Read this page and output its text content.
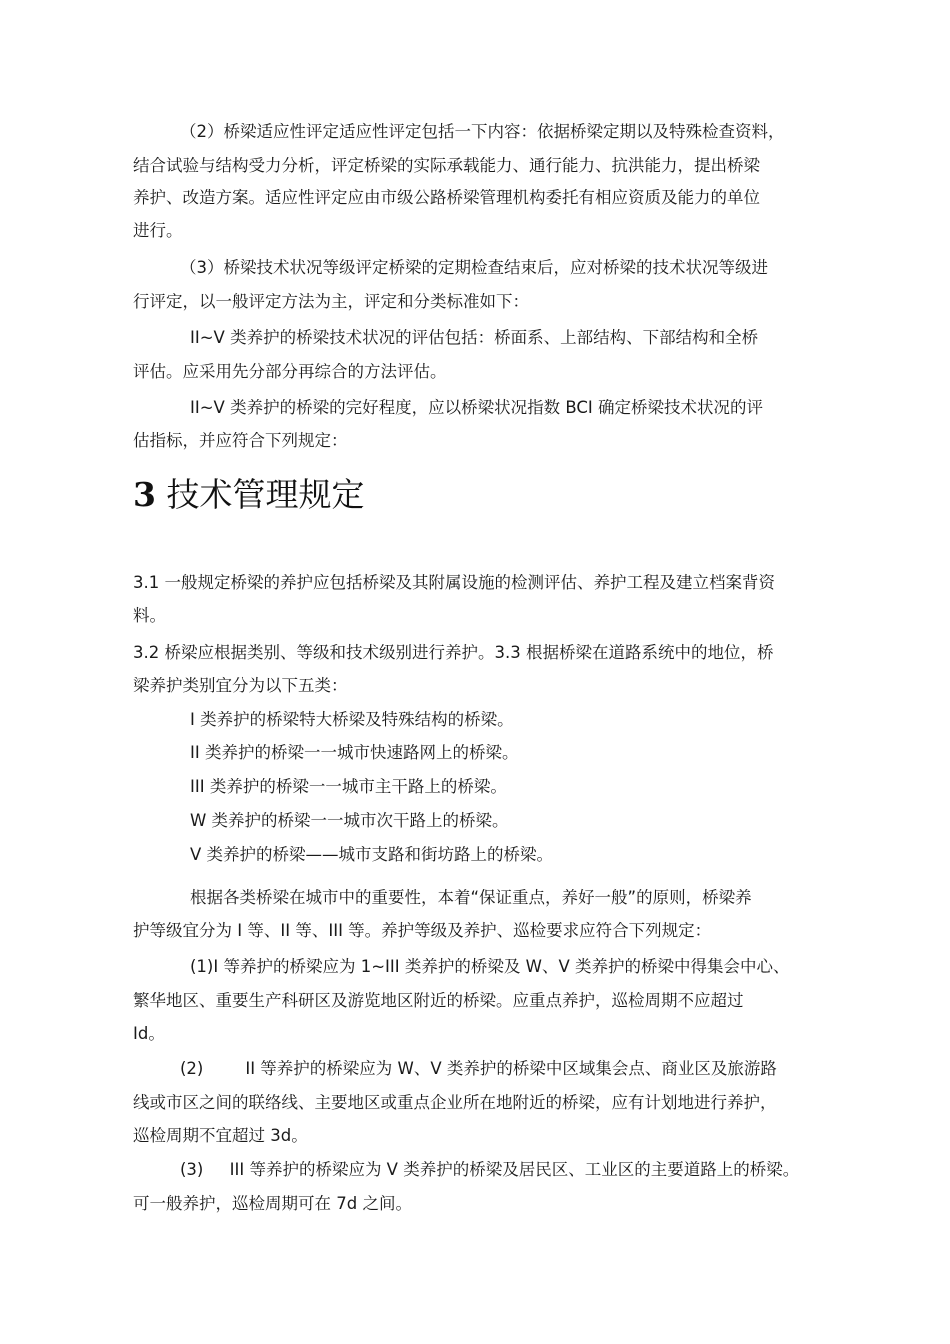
（2）桥梁适应性评定适应性评定包括一下内容：依据桥梁定期以及特殊检查资料，
结合试验与结构受力分析，评定桥梁的实际承载能力、通行能力、抗洪能力，提出桥梁
养护、改造方案。适应性评定应由市级公路桥梁管理机构委托有相应资质及能力的单位
进行。
（3）桥梁技术状况等级评定桥梁的定期检查结束后，应对桥梁的技术状况等级进
行评定，以一般评定方法为主，评定和分类标准如下：
II~V 类养护的桥梁技术状况的评估包括：桥面系、上部结构、下部结构和全桥
评估。应采用先分部分再综合的方法评估。
II~V 类养护的桥梁的完好程度，应以桥梁状况指数 BCI 确定桥梁技术状况的评
估指标，并应符合下列规定：
3 技术管理规定
3.1 一般规定桥梁的养护应包括桥梁及其附属设施的检测评估、养护工程及建立档案背资
料。
3.2 桥梁应根据类别、等级和技术级别进行养护。3.3 根据桥梁在道路系统中的地位，桥
梁养护类别宜分为以下五类：
I 类养护的桥梁特大桥梁及特殊结构的桥梁。
II 类养护的桥梁一一城市快速路网上的桥梁。
III 类养护的桥梁一一城市主干路上的桥梁。
W 类养护的桥梁一一城市次干路上的桥梁。
V 类养护的桥梁——城市支路和街坊路上的桥梁。
根据各类桥梁在城市中的重要性，本着“保证重点，养好一般”的原则，桥梁养
护等级宜分为 I 等、II 等、III 等。养护等级及养护、巡检要求应符合下列规定：
(1)I 等养护的桥梁应为 1~III 类养护的桥梁及 W、V 类养护的桥梁中得集会中心、
繁华地区、重要生产科研区及游览地区附近的桥梁。应重点养护，巡检周期不应超过
Id。
(2)        II 等养护的桥梁应为 W、V 类养护的桥梁中区域集会点、商业区及旅游路
线或市区之间的联络线、主要地区或重点企业所在地附近的桥梁，应有计划地进行养护，
巡检周期不宜超过 3d。
(3)     III 等养护的桥梁应为 V 类养护的桥梁及居民区、工业区的主要道路上的桥梁。
可一般养护，巡检周期可在 7d 之间。
